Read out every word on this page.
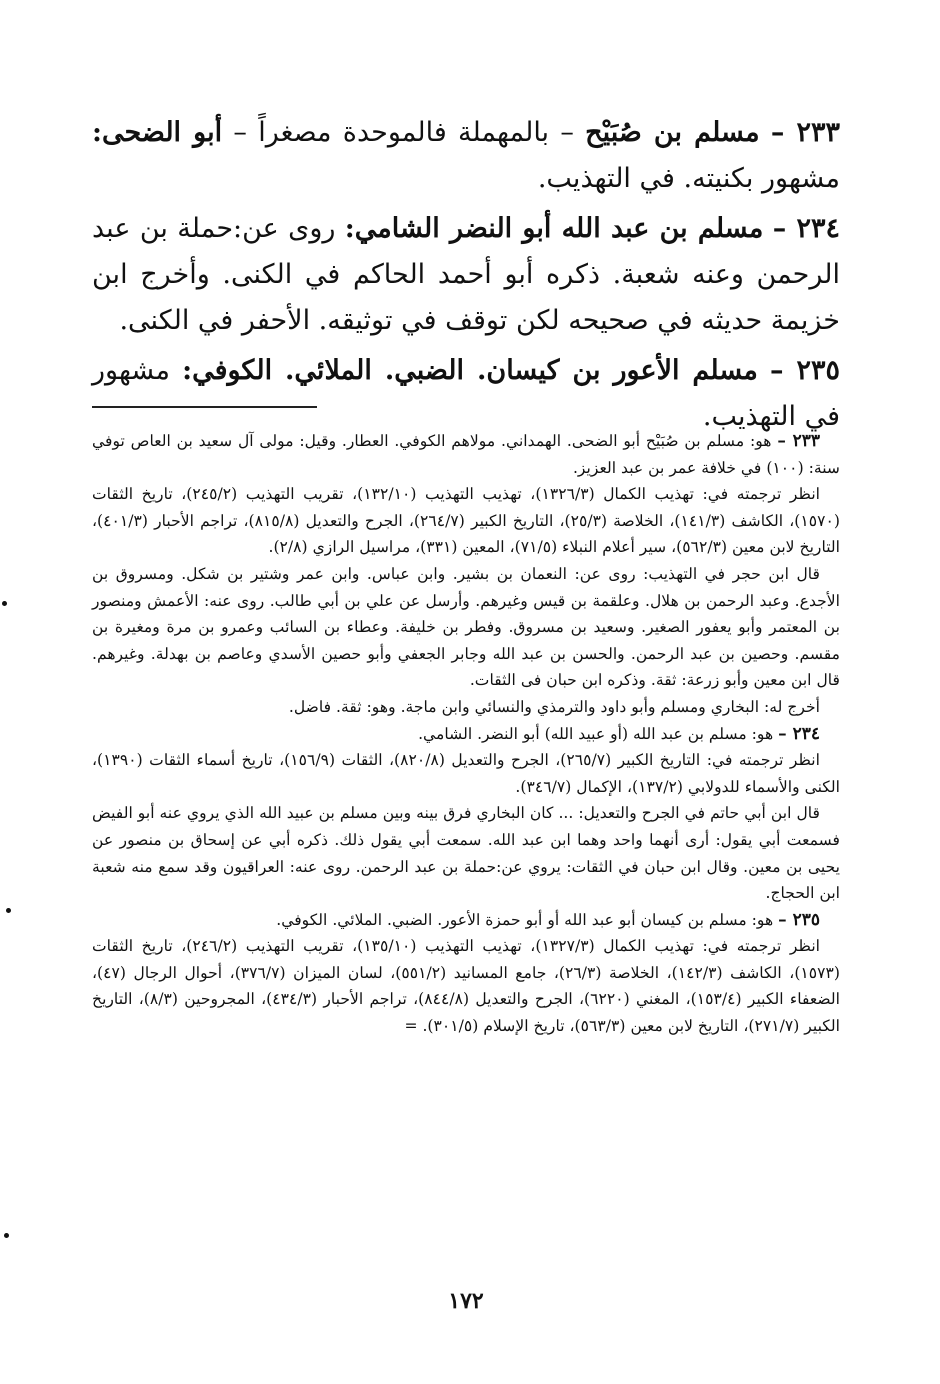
٢٣٣ – مسلم بن صُبَيْح – بالمهملة فالموحدة مصغراً – أبو الضحى: مشهور بكنيته. في التهذيب.

٢٣٤ – مسلم بن عبد الله أبو النضر الشامي: روى عن:حملة بن عبد الرحمن وعنه شعبة. ذكره أبو أحمد الحاكم في الكنى. وأخرج ابن خزيمة حديثه في صحيحه لكن توقف في توثيقه. الأحفر في الكنى.

٢٣٥ – مسلم الأعور بن كيسان. الضبي. الملائي. الكوفي: مشهور في التهذيب.

٢٣٣ – هو: مسلم بن صُبَيْح أبو الضحى. الهمداني. مولاهم الكوفي. العطار. وقيل: مولى آل سعيد بن العاص توفي سنة: (١٠٠) في خلافة عمر بن عبد العزيز.

انظر ترجمته في: تهذيب الكمال (١٣٢٦/٣)، تهذيب التهذيب (١٣٢/١٠)، تقريب التهذيب (٢٤٥/٢)، تاريخ الثقات (١٥٧٠)، الكاشف (١٤١/٣)، الخلاصة (٢٥/٣)، التاريخ الكبير (٢٦٤/٧)، الجرح والتعديل (٨١٥/٨)، تراجم الأحبار (٤٠١/٣)، التاريخ لابن معين (٥٦٢/٣)، سير أعلام النبلاء (٧١/٥)، المعين (٣٣١)، مراسيل الرازي (٢/٨).

قال ابن حجر في التهذيب: روى عن: النعمان بن بشير. وابن عباس. وابن عمر وشتير بن شكل. ومسروق بن الأجدع. وعبد الرحمن بن هلال. وعلقمة بن قيس وغيرهم. وأرسل عن علي بن أبي طالب. روى عنه: الأعمش ومنصور بن المعتمر وأبو يعفور الصغير. وسعيد بن مسروق. وفطر بن خليفة. وعطاء بن السائب وعمرو بن مرة ومغيرة بن مقسم. وحصين بن عبد الرحمن. والحسن بن عبد الله وجابر الجعفي وأبو حصين الأسدي وعاصم بن بهدلة. وغيرهم. قال ابن معين وأبو زرعة: ثقة. وذكره ابن حبان فى الثقات.

أخرج له: البخاري ومسلم وأبو داود والترمذي والنسائي وابن ماجة. وهو: ثقة. فاضل.

٢٣٤ – هو: مسلم بن عبد الله (أو عبيد الله) أبو النضر. الشامي.

انظر ترجمته في: التاريخ الكبير (٢٦٥/٧)، الجرح والتعديل (٨٢٠/٨)، الثقات (١٥٦/٩)، تاريخ أسماء الثقات (١٣٩٠)، الكنى والأسماء للدولابي (١٣٧/٢)، الإكمال (٣٤٦/٧).

قال ابن أبي حاتم في الجرح والتعديل: ... كان البخاري فرق بينه وبين مسلم بن عبيد الله الذي يروي عنه أبو الفيض فسمعت أبي يقول: أرى أنهما واحد وهما ابن عبد الله. سمعت أبي يقول ذلك. ذكره أبي عن إسحاق بن منصور عن يحيى بن معين. وقال ابن حبان في الثقات: يروي عن:حملة بن عبد الرحمن. روى عنه: العراقيون وقد سمع منه شعبة ابن الحجاج.

٢٣٥ – هو: مسلم بن كيسان أبو عبد الله أو أبو حمزة الأعور. الضبي. الملائي. الكوفي.

انظر ترجمته في: تهذيب الكمال (١٣٢٧/٣)، تهذيب التهذيب (١٣٥/١٠)، تقريب التهذيب (٢٤٦/٢)، تاريخ الثقات (١٥٧٣)، الكاشف (١٤٢/٣)، الخلاصة (٢٦/٣)، جامع المسانيد (٥٥١/٢)، لسان الميزان (٣٧٦/٧)، أحوال الرجال (٤٧)، الضعفاء الكبير (١٥٣/٤)، المغني (٦٢٢٠)، الجرح والتعديل (٨٤٤/٨)، تراجم الأحبار (٤٣٤/٣)، المجروحين (٨/٣)، التاريخ الكبير (٢٧١/٧)، التاريخ لابن معين (٥٦٣/٣)، تاريخ الإسلام (٣٠١/٥). =

١٧٢
